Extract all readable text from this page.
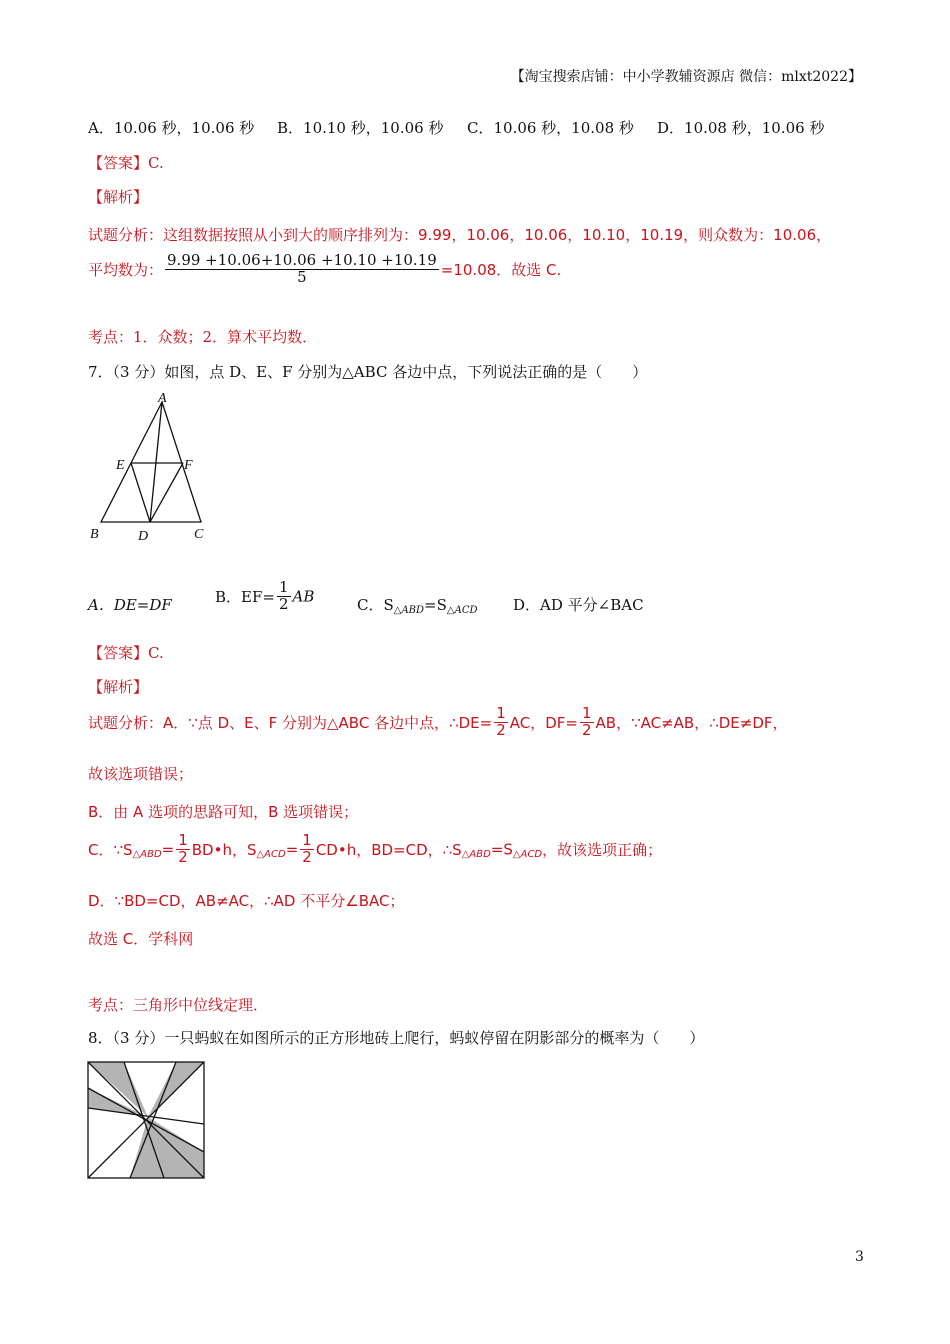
【淘宝搜索店铺：中小学教辅资源店 微信：mlxt2022】
A．10.06 秒，10.06 秒 B．10.10 秒，10.06 秒 C．10.06 秒，10.08 秒 D．10.08 秒，10.06 秒
【答案】C.
【解析】
试题分析：这组数据按照从小到大的顺序排列为：9.99，10.06，10.06，10.10，10.19，则众数为：10.06，
平均数为： $\frac{9.99 +10.06+10.06 +10.10 +10.19}{5} =10.08$．故选 C.
考点：1．众数；2．算术平均数．
7．（3 分）如图，点 D、E、F 分别为△ABC 各边中点，下列说法正确的是（　　）
A
E	F
B	D	C
A．DE=DF	B．$EF= \frac{1}{2}$ AB	C．$S_{\triangle ABD}=S_{\triangle ACD}$ D．AD 平分∠BAC
【答案】C.
【解析】
试题分析：A．∵点 D、E、F 分别为△ABC 各边中点，∴DE= $\frac{1}{2}$ AC，$DF= \frac{1}{2}$ AB，∵AC≠AB，∴DE≠DF，
故该选项错误；
B．由 A 选项的思路可知，B 选项错误；
C．$\because S_{\triangle ABD}= \frac{1}{2}$ BD•h，$S_{\triangle ACD}= \frac{1}{2}$ CD•h，BD=CD，$\therefore S_{\triangle ABD}=S_{\triangle ACD}$，故该选项正确；
D．∵BD=CD，AB≠AC，∴AD 不平分∠BAC；
故选 C．学科网
考点：三角形中位线定理．
8．（3 分）一只蚂蚁在如图所示的正方形地砖上爬行，蚂蚁停留在阴影部分的概率为（　　）
3
